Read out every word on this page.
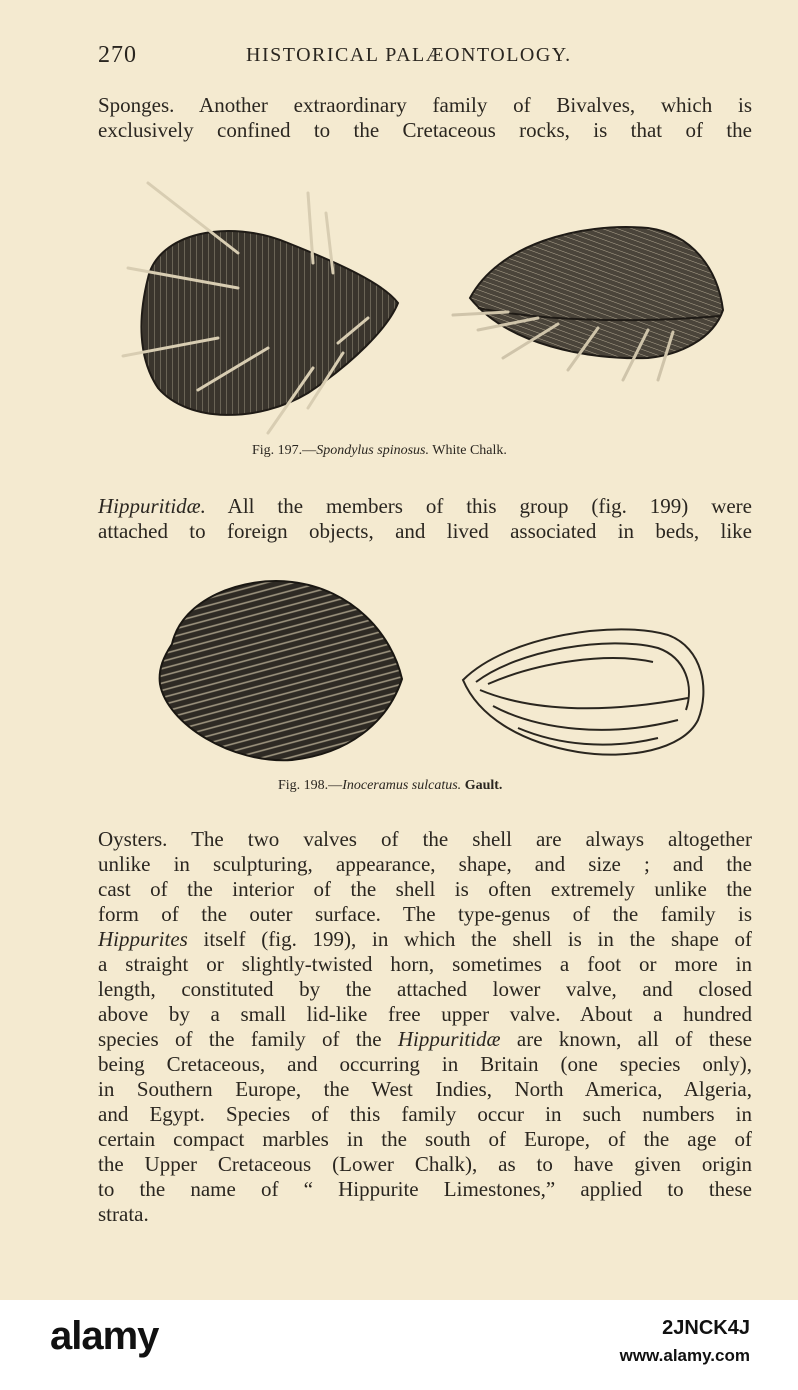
270	HISTORICAL PALÆONTOLOGY.

Sponges. Another extraordinary family of Bivalves, which is
exclusively confined to the Cretaceous rocks, is that of the

Fig. 197.—Spondylus spinosus. White Chalk.

Hippuritidæ. All the members of this group (fig. 199) were
attached to foreign objects, and lived associated in beds, like

Fig. 198.—Inoceramus sulcatus. Gault.

Oysters. The two valves of the shell are always altogether
unlike in sculpturing, appearance, shape, and size ; and the
cast of the interior of the shell is often extremely unlike the
form of the outer surface. The type-genus of the family is
Hippurites itself (fig. 199), in which the shell is in the shape of
a straight or slightly-twisted horn, sometimes a foot or more in
length, constituted by the attached lower valve, and closed
above by a small lid-like free upper valve. About a hundred
species of the family of the Hippuritidæ are known, all of these
being Cretaceous, and occurring in Britain (one species only),
in Southern Europe, the West Indies, North America, Algeria,
and Egypt. Species of this family occur in such numbers in
certain compact marbles in the south of Europe, of the age of
the Upper Cretaceous (Lower Chalk), as to have given origin
to the name of “ Hippurite Limestones,” applied to these
strata.

alamy	2JNCK4J
www.alamy.com
